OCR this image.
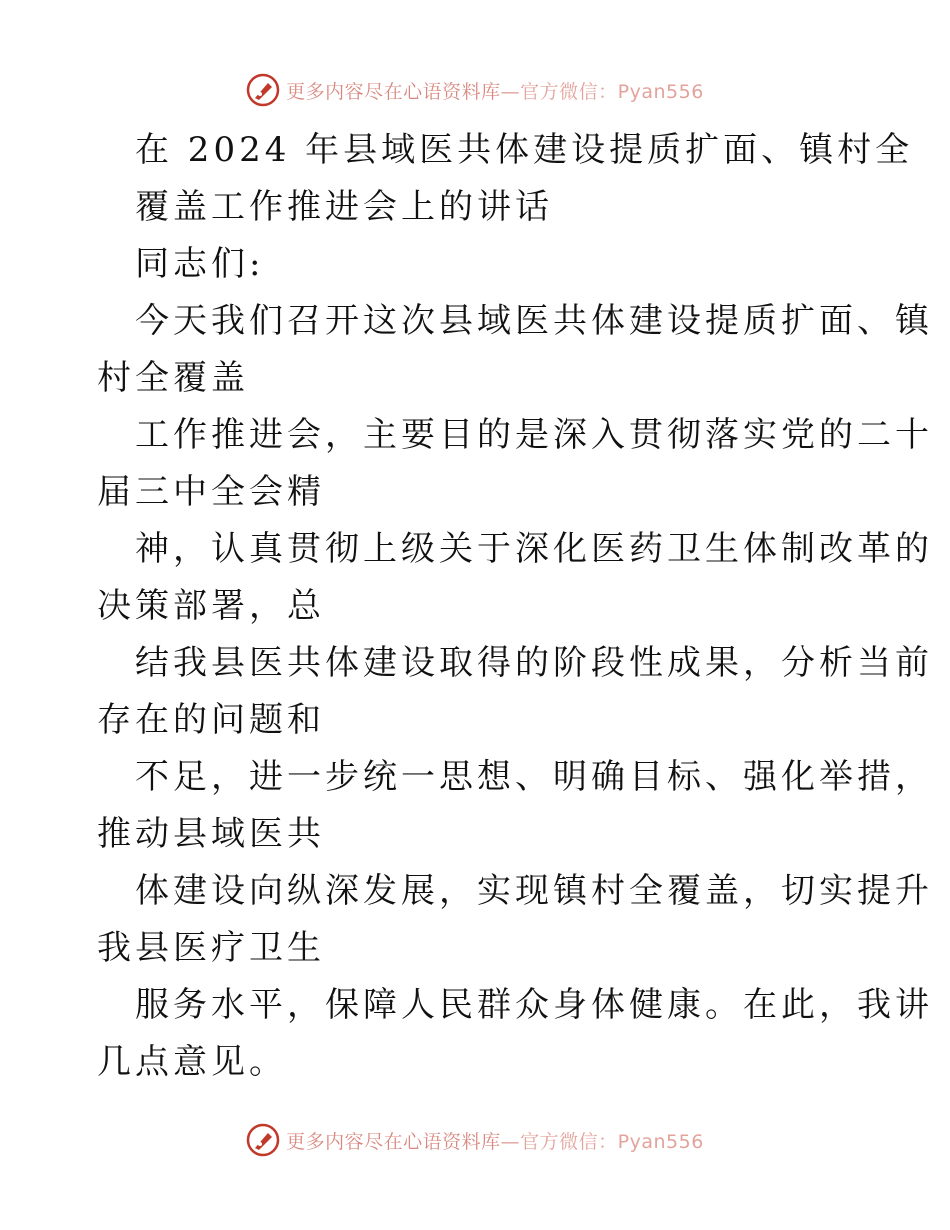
更多内容尽在心语资料库—官方微信：Pyan556
在 2024 年县域医共体建设提质扩面、镇村全
覆盖工作推进会上的讲话
同志们:
今天我们召开这次县域医共体建设提质扩面、镇
村全覆盖
工作推进会，主要目的是深入贯彻落实党的二十
届三中全会精
神，认真贯彻上级关于深化医药卫生体制改革的
决策部署，总
结我县医共体建设取得的阶段性成果，分析当前
存在的问题和
不足，进一步统一思想、明确目标、强化举措，
推动县域医共
体建设向纵深发展，实现镇村全覆盖，切实提升
我县医疗卫生
服务水平，保障人民群众身体健康。在此，我讲
几点意见。
更多内容尽在心语资料库—官方微信：Pyan556
